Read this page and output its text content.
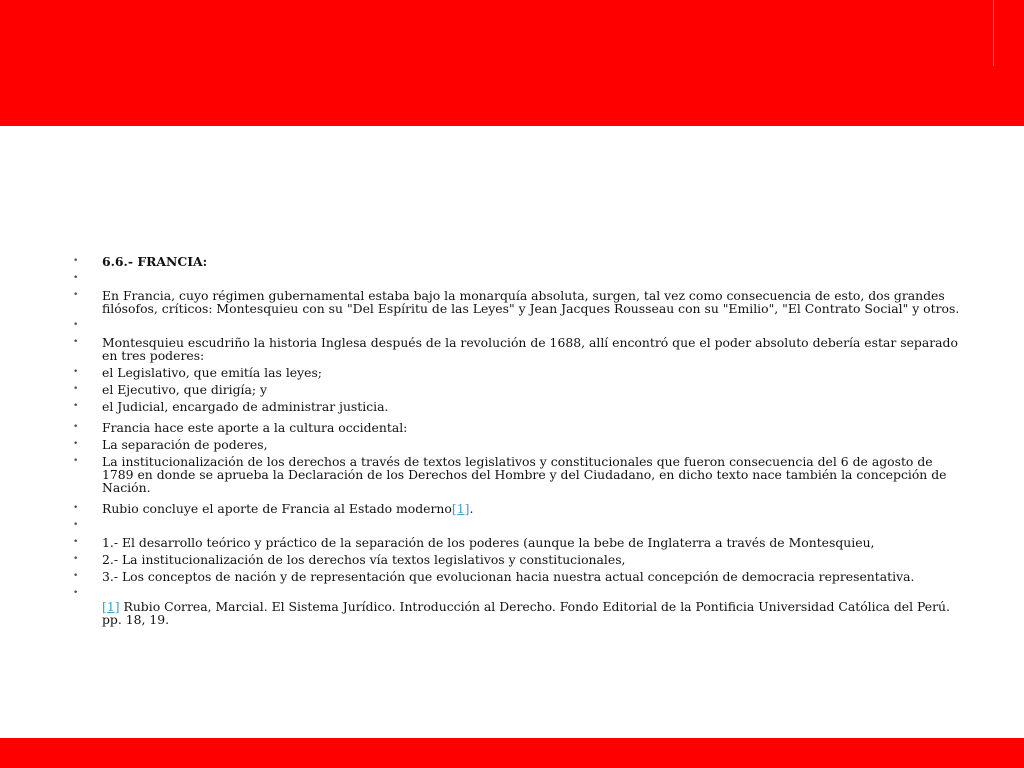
• 6.6.- FRANCIA:
•
• En Francia, cuyo régimen gubernamental estaba bajo la monarquía absoluta, surgen, tal vez como consecuencia de esto, dos grandes filósofos, críticos: Montesquieu con su "Del Espíritu de las Leyes" y Jean Jacques Rousseau con su "Emilio", "El Contrato Social" y otros.
•
• Montesquieu escudriño la historia Inglesa después de la revolución de 1688, allí encontró que el poder absoluto debería estar separado en tres poderes:
• el Legislativo, que emitía las leyes;
• el Ejecutivo, que dirigía; y
• el Judicial, encargado de administrar justicia.
• Francia hace este aporte a la cultura occidental:
• La separación de poderes,
• La institucionalización de los derechos a través de textos legislativos y constitucionales que fueron consecuencia del 6 de agosto de 1789 en donde se aprueba la Declaración de los Derechos del Hombre y del Ciudadano, en dicho texto nace también la concepción de Nación.
• Rubio concluye el aporte de Francia al Estado moderno[1].
•
• 1.- El desarrollo teórico y práctico de la separación de los poderes (aunque la bebe de Inglaterra a través de Montesquieu,
• 2.- La institucionalización de los derechos vía textos legislativos y constitucionales,
• 3.- Los conceptos de nación y de representación que evolucionan hacia nuestra actual concepción de democracia representativa.
•
[1] Rubio Correa, Marcial. El Sistema Jurídico. Introducción al Derecho. Fondo Editorial de la Pontificia Universidad Católica del Perú. pp. 18, 19.
